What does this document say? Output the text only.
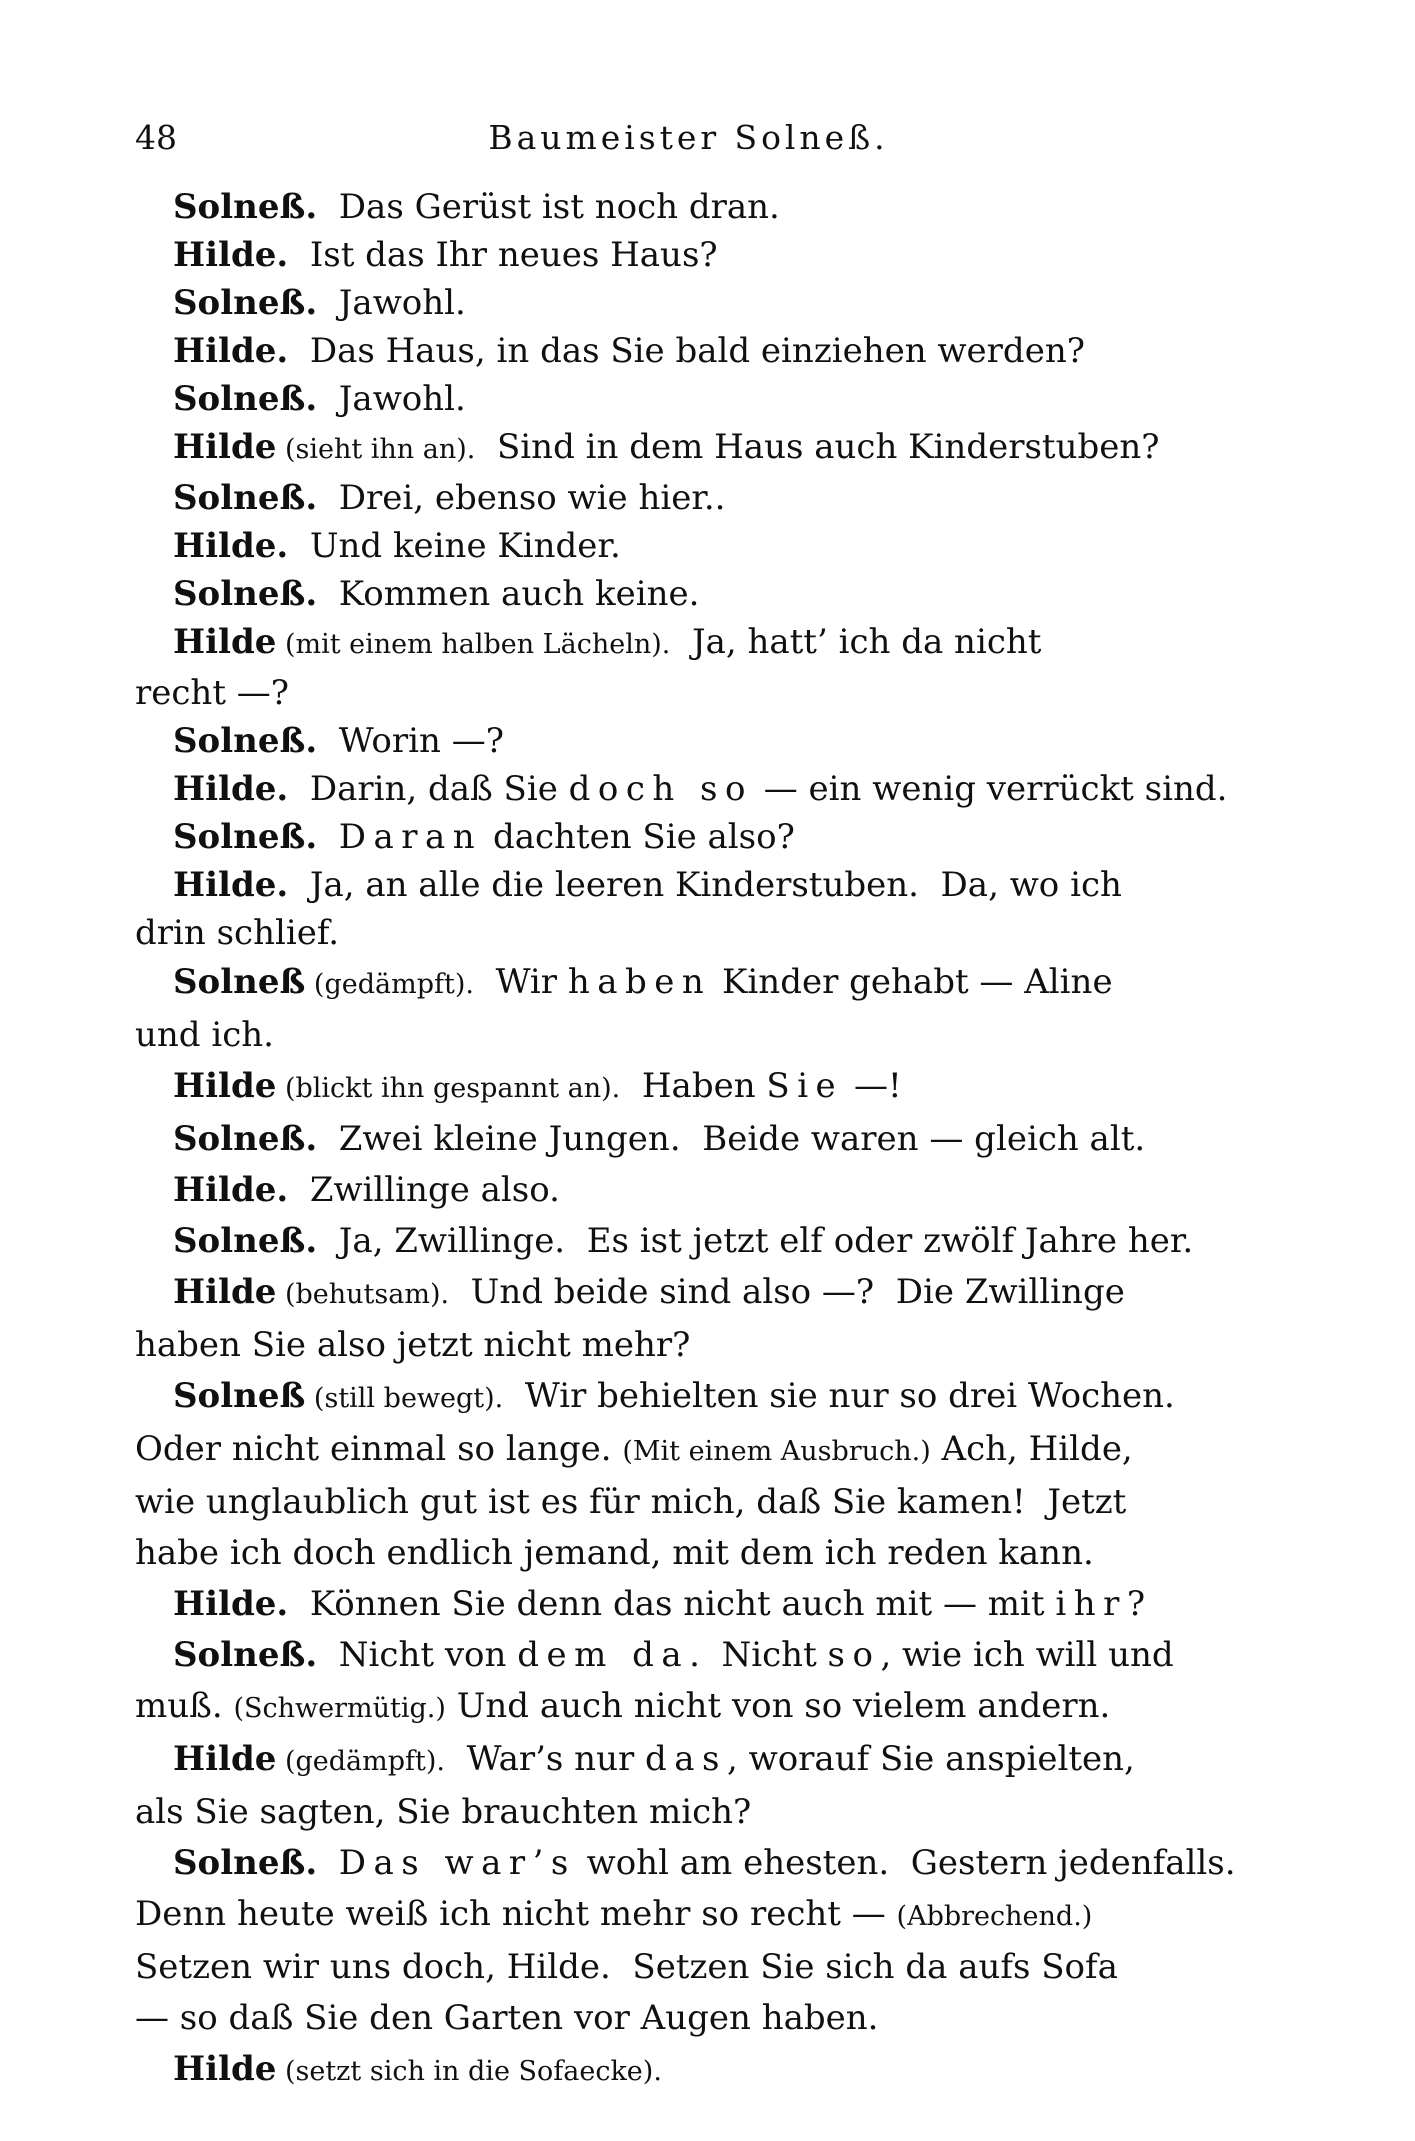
48	Baumeister Solneß.
Solneß.  Das Gerüst ist noch dran.
Hilde.  Ist das Ihr neues Haus?
Solneß.  Jawohl.
Hilde.  Das Haus, in das Sie bald einziehen werden?
Solneß.  Jawohl.
Hilde (sieht ihn an).  Sind in dem Haus auch Kinderstuben?
Solneß.  Drei, ebenso wie hier..
Hilde.  Und keine Kinder.
Solneß.  Kommen auch keine.
Hilde (mit einem halben Lächeln).  Ja, hatt’ ich da nicht
recht —?
Solneß.  Worin —?
Hilde.  Darin, daß Sie doch so — ein wenig verrückt sind.
Solneß. Daran dachten Sie also?
Hilde.  Ja, an alle die leeren Kinderstuben.  Da, wo ich
drin schlief.
Solneß (gedämpft).  Wir haben Kinder gehabt — Aline
und ich.
Hilde (blickt ihn gespannt an).  Haben Sie —!
Solneß.  Zwei kleine Jungen.  Beide waren — gleich alt.
Hilde.  Zwillinge also.
Solneß.  Ja, Zwillinge.  Es ist jetzt elf oder zwölf Jahre her.
Hilde (behutsam).  Und beide sind also —?  Die Zwillinge
haben Sie also jetzt nicht mehr?
Solneß (still bewegt).  Wir behielten sie nur so drei Wochen.
Oder nicht einmal so lange. (Mit einem Ausbruch.) Ach, Hilde,
wie unglaublich gut ist es für mich, daß Sie kamen!  Jetzt
habe ich doch endlich jemand, mit dem ich reden kann.
Hilde.  Können Sie denn das nicht auch mit — mit ihr?
Solneß.  Nicht von dem da.  Nicht so, wie ich will und
muß. (Schwermütig.) Und auch nicht von so vielem andern.
Hilde (gedämpft).  War’s nur das, worauf Sie anspielten,
als Sie sagten, Sie brauchten mich?
Solneß. Das war’s wohl am ehesten.  Gestern jedenfalls.
Denn heute weiß ich nicht mehr so recht — (Abbrechend.)
Setzen wir uns doch, Hilde.  Setzen Sie sich da aufs Sofa
— so daß Sie den Garten vor Augen haben.
Hilde (setzt sich in die Sofaecke).
